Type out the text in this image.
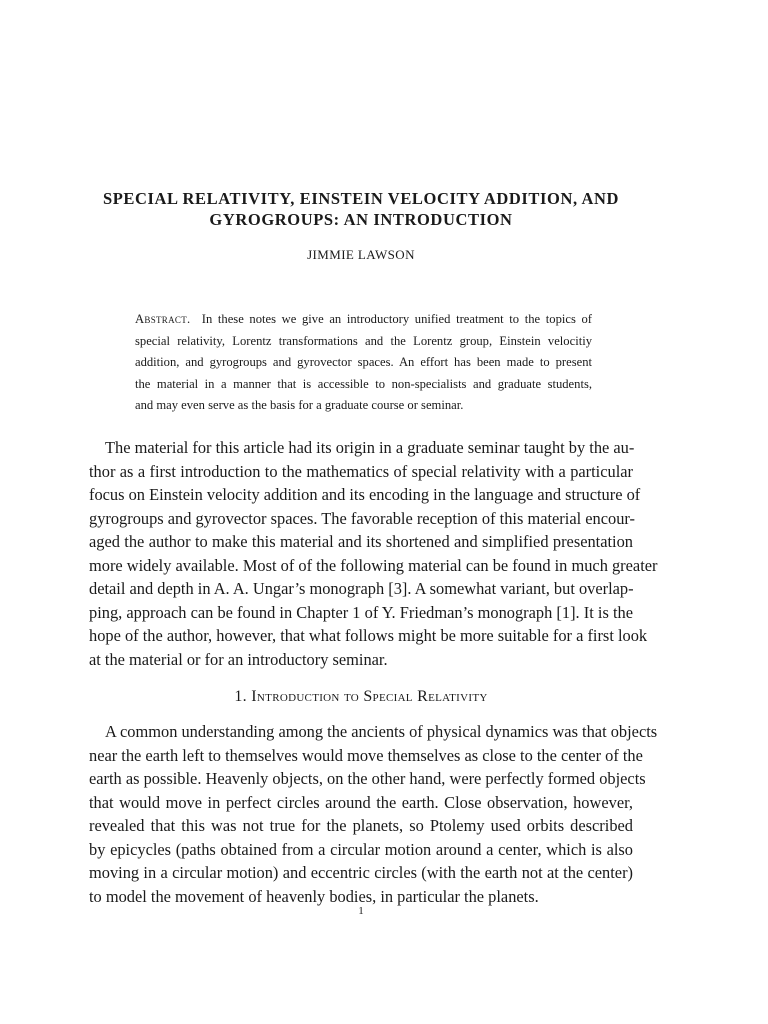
SPECIAL RELATIVITY, EINSTEIN VELOCITY ADDITION, AND
GYROGROUPS: AN INTRODUCTION
JIMMIE LAWSON
Abstract. In these notes we give an introductory unified treatment to the topics of
special relativity, Lorentz transformations and the Lorentz group, Einstein velocitiy
addition, and gyrogroups and gyrovector spaces. An effort has been made to present
the material in a manner that is accessible to non-specialists and graduate students,
and may even serve as the basis for a graduate course or seminar.
The material for this article had its origin in a graduate seminar taught by the au-
thor as a first introduction to the mathematics of special relativity with a particular
focus on Einstein velocity addition and its encoding in the language and structure of
gyrogroups and gyrovector spaces. The favorable reception of this material encour-
aged the author to make this material and its shortened and simplified presentation
more widely available. Most of of the following material can be found in much greater
detail and depth in A. A. Ungar’s monograph [3]. A somewhat variant, but overlap-
ping, approach can be found in Chapter 1 of Y. Friedman’s monograph [1]. It is the
hope of the author, however, that what follows might be more suitable for a first look
at the material or for an introductory seminar.
1. Introduction to Special Relativity
A common understanding among the ancients of physical dynamics was that objects
near the earth left to themselves would move themselves as close to the center of the
earth as possible. Heavenly objects, on the other hand, were perfectly formed objects
that would move in perfect circles around the earth. Close observation, however,
revealed that this was not true for the planets, so Ptolemy used orbits described
by epicycles (paths obtained from a circular motion around a center, which is also
moving in a circular motion) and eccentric circles (with the earth not at the center)
to model the movement of heavenly bodies, in particular the planets.
1
